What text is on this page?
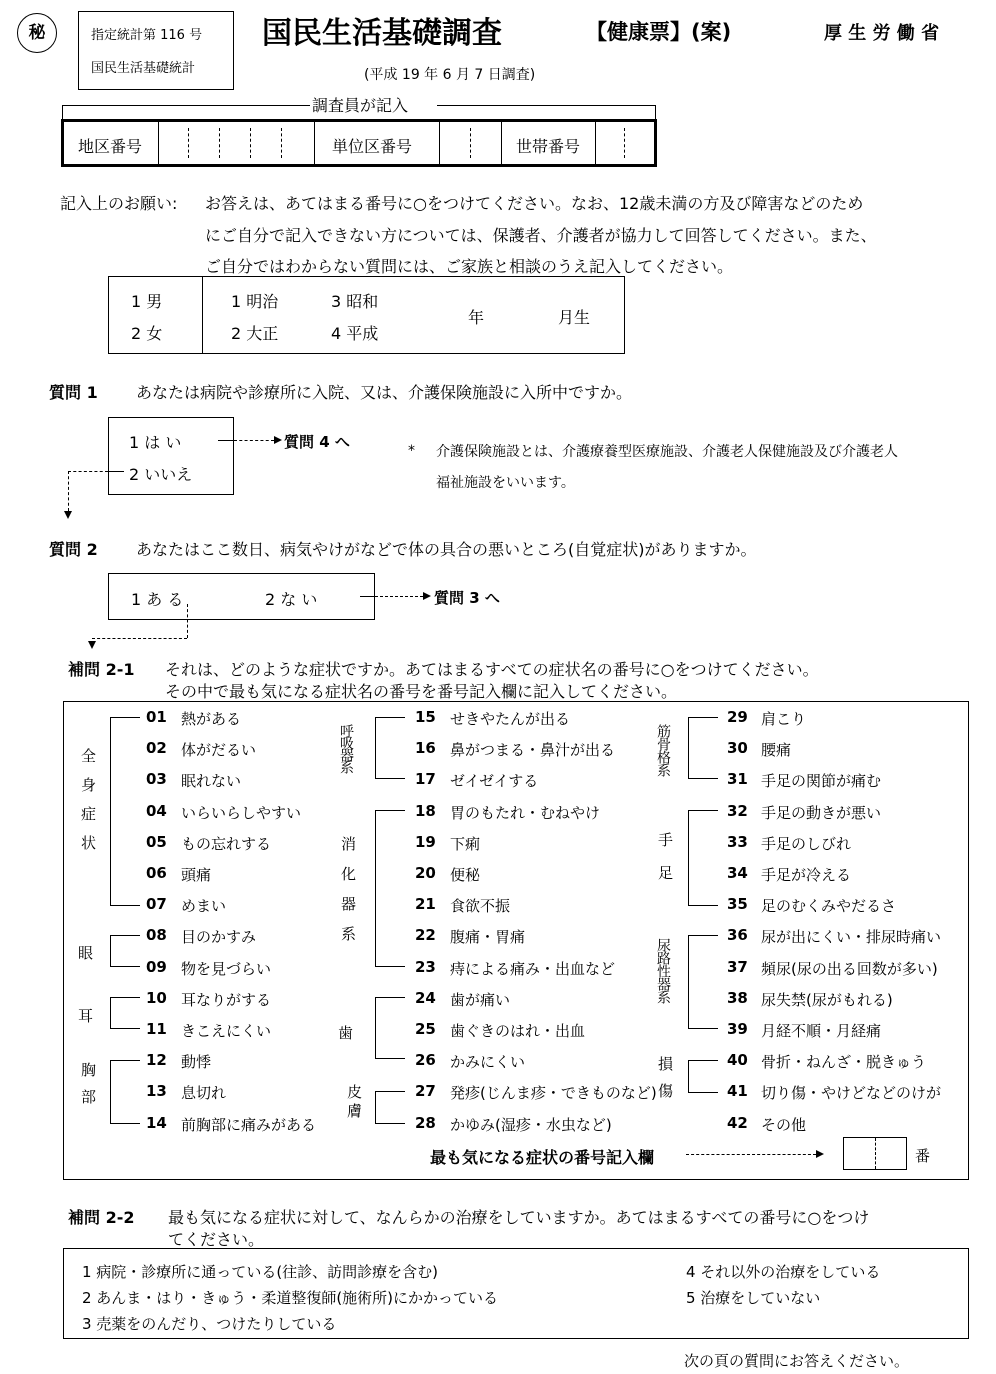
秘	指定統計第 116 号
国民生活基礎統計
国民生活基礎調査	【健康票】(案)	厚 生 労 働 省
(平成 19 年 6 月 7 日調査)
調査員が記入
地区番号	単位区番号	世帯番号
記入上のお願い: お答えは、あてはまる番号に○をつけてください。なお、12歳未満の方及び障害などのため
にご自分で記入できない方については、保護者、介護者が協力して回答してください。また、
ご自分ではわからない質問には、ご家族と相談のうえ記入してください。
1 男
2 女
1 明治	3 昭和
2 大正	4 平成
年	月生
質問 1 あなたは病院や診療所に入院、又は、介護保険施設に入所中ですか。
1 は い
2 いいえ
質問 4 へ	* 介護保険施設とは、介護療養型医療施設、介護老人保健施設及び介護老人
福祉施設をいいます。
質問 2 あなたはここ数日、病気やけがなどで体の具合の悪いところ(自覚症状)がありますか。
1 あ る	2 な い	質問 3 へ
補問 2-1 それは、どのような症状ですか。あてはまるすべての症状名の番号に○をつけてください。
その中で最も気になる症状名の番号を番号記入欄に記入してください。
全身症状
眼
耳
胸部
呼吸器系
消化器系
歯
皮膚
筋骨格系
手足
尿路性器系
損傷
01 熱がある
02 体がだるい
03 眠れない
04 いらいらしやすい
05 もの忘れする
06 頭痛
07 めまい
08 目のかすみ
09 物を見づらい
10 耳なりがする
11 きこえにくい
12 動悸
13 息切れ
14 前胸部に痛みがある
15 せきやたんが出る
16 鼻がつまる・鼻汁が出る
17 ゼイゼイする
18 胃のもたれ・むねやけ
19 下痢
20 便秘
21 食欲不振
22 腹痛・胃痛
23 痔による痛み・出血など
24 歯が痛い
25 歯ぐきのはれ・出血
26 かみにくい
27 発疹(じんま疹・できものなど)
28 かゆみ(湿疹・水虫など)
29 肩こり
30 腰痛
31 手足の関節が痛む
32 手足の動きが悪い
33 手足のしびれ
34 手足が冷える
35 足のむくみやだるさ
36 尿が出にくい・排尿時痛い
37 頻尿(尿の出る回数が多い)
38 尿失禁(尿がもれる)
39 月経不順・月経痛
40 骨折・ねんざ・脱きゅう
41 切り傷・やけどなどのけが
42 その他
最も気になる症状の番号記入欄	番
補問 2-2 最も気になる症状に対して、なんらかの治療をしていますか。あてはまるすべての番号に○をつけ
てください。
1 病院・診療所に通っている(往診、訪問診療を含む)
2 あんま・はり・きゅう・柔道整復師(施術所)にかかっている
3 売薬をのんだり、つけたりしている
4 それ以外の治療をしている
5 治療をしていない
次の頁の質問にお答えください。
